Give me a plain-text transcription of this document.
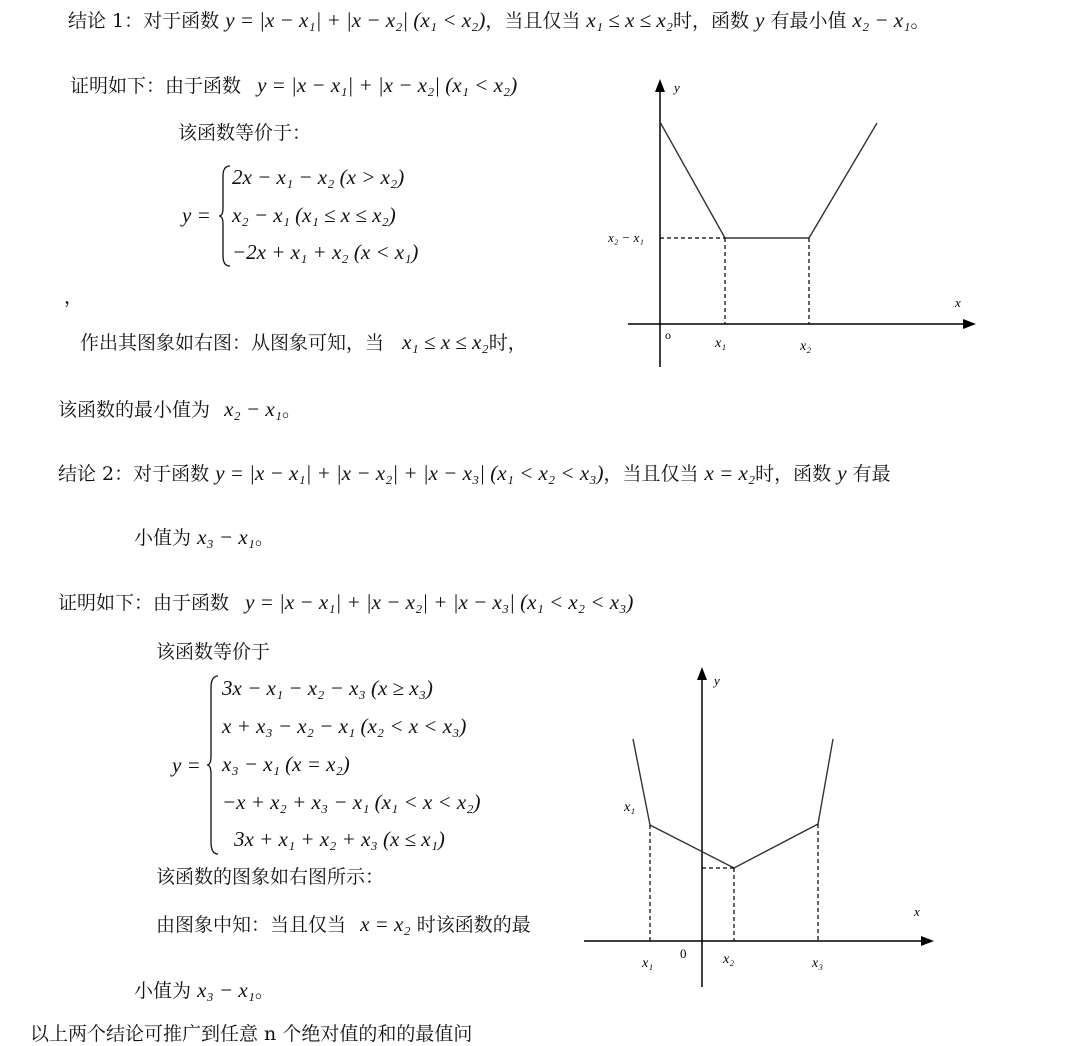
结论 1：对于函数 y = |x − x₁| + |x − x₂| (x₁ < x₂)，当且仅当 x₁ ≤ x ≤ x₂时，函数 y 有最小值 x₂ − x₁。
证明如下：由于函数 y = |x − x₁| + |x − x₂| (x₁ < x₂)
该函数等价于：
y =
2x − x₁ − x₂ (x > x₂)
x₂ − x₁ (x₁ ≤ x ≤ x₂)
−2x + x₁ + x₂ (x < x₁)
，
作出其图象如右图：从图象可知，当 x₁ ≤ x ≤ x₂时，
该函数的最小值为 x₂ − x₁。
y
x
o
x₂ − x₁
x₁	x₂
结论 2：对于函数 y = |x − x₁| + |x − x₂| + |x − x₃| (x₁ < x₂ < x₃)，当且仅当 x = x₂时，函数 y 有最
小值为 x₃ − x₁。
证明如下：由于函数 y = |x − x₁| + |x − x₂| + |x − x₃| (x₁ < x₂ < x₃)
该函数等价于
y =
3x − x₁ − x₂ − x₃ (x ≥ x₃)
x + x₃ − x₂ − x₁ (x₂ < x < x₃)
x₃ − x₁ (x = x₂)
−x + x₂ + x₃ − x₁ (x₁ < x < x₂)
3x + x₁ + x₂ + x₃ (x ≤ x₁)
该函数的图象如右图所示：
由图象中知：当且仅当 x = x₂ 时该函数的最
小值为 x₃ − x₁。
y
x
0
x₁
x₁	x₂	x₃
以上两个结论可推广到任意 n 个绝对值的和的最值问
